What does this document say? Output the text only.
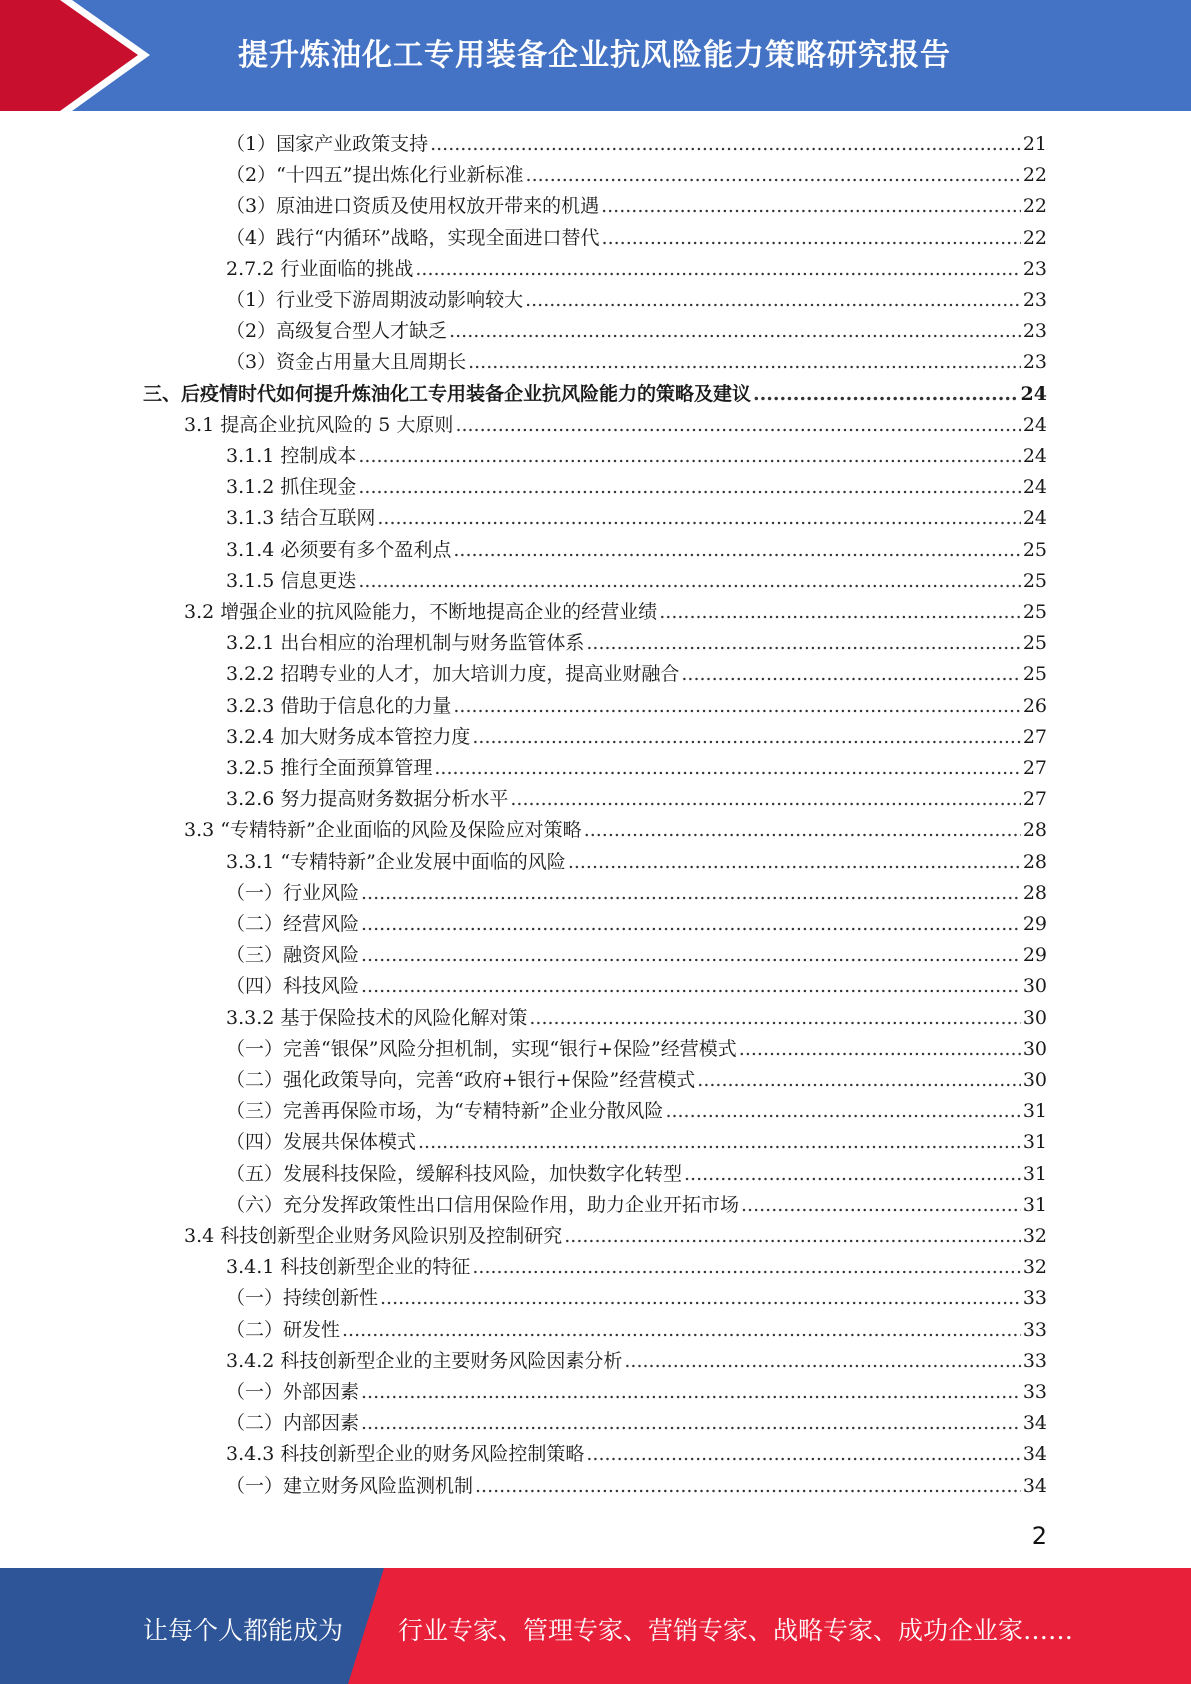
提升炼油化工专用装备企业抗风险能力策略研究报告
（1）国家产业政策支持 .....	21
（2）“十四五”提出炼化行业新标准 .....	22
（3）原油进口资质及使用权放开带来的机遇 .....	22
（4）践行“内循环”战略，实现全面进口替代 .....	22
2.7.2 行业面临的挑战 .....	23
（1）行业受下游周期波动影响较大 .....	23
（2）高级复合型人才缺乏 .....	23
（3）资金占用量大且周期长 .....	23
三、后疫情时代如何提升炼油化工专用装备企业抗风险能力的策略及建议 .....	24
3.1 提高企业抗风险的 5 大原则 .....	24
3.1.1 控制成本 .....	24
3.1.2 抓住现金 .....	24
3.1.3 结合互联网 .....	24
3.1.4 必须要有多个盈利点 .....	25
3.1.5 信息更迭 .....	25
3.2 增强企业的抗风险能力，不断地提高企业的经营业绩 .....	25
3.2.1 出台相应的治理机制与财务监管体系 .....	25
3.2.2 招聘专业的人才，加大培训力度，提高业财融合 .....	25
3.2.3 借助于信息化的力量 .....	26
3.2.4 加大财务成本管控力度 .....	27
3.2.5 推行全面预算管理 .....	27
3.2.6 努力提高财务数据分析水平 .....	27
3.3 “专精特新”企业面临的风险及保险应对策略 .....	28
3.3.1 “专精特新”企业发展中面临的风险 .....	28
（一）行业风险 .....	28
（二）经营风险 .....	29
（三）融资风险 .....	29
（四）科技风险 .....	30
3.3.2 基于保险技术的风险化解对策 .....	30
（一）完善“银保”风险分担机制，实现“银行+保险”经营模式 .....	30
（二）强化政策导向，完善“政府+银行+保险”经营模式 .....	30
（三）完善再保险市场，为“专精特新”企业分散风险 .....	31
（四）发展共保体模式 .....	31
（五）发展科技保险，缓解科技风险，加快数字化转型 .....	31
（六）充分发挥政策性出口信用保险作用，助力企业开拓市场 .....	31
3.4 科技创新型企业财务风险识别及控制研究 .....	32
3.4.1 科技创新型企业的特征 .....	32
（一）持续创新性 .....	33
（二）研发性 .....	33
3.4.2 科技创新型企业的主要财务风险因素分析 .....	33
（一）外部因素 .....	33
（二）内部因素 .....	34
3.4.3 科技创新型企业的财务风险控制策略 .....	34
（一）建立财务风险监测机制 .....	34
2
让每个人都能成为 行业专家、管理专家、营销专家、战略专家、成功企业家……
